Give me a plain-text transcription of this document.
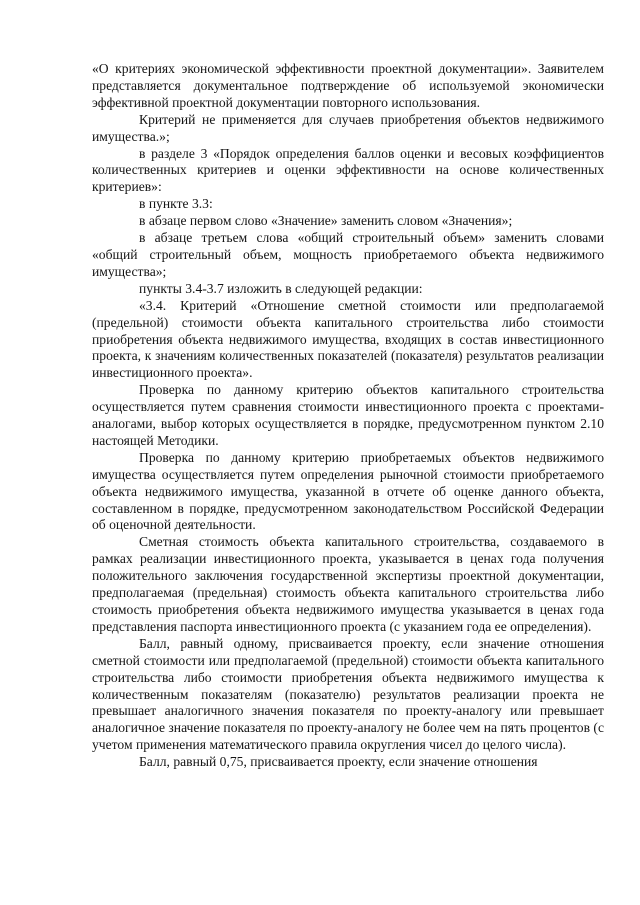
«О критериях экономической эффективности проектной документации». Заявителем представляется документальное подтверждение об используемой экономически эффективной проектной документации повторного использования.

Критерий не применяется для случаев приобретения объектов недвижимого имущества.»;

в разделе 3 «Порядок определения баллов оценки и весовых коэффициентов количественных критериев и оценки эффективности на основе количественных критериев»:

в пункте 3.3:

в абзаце первом слово «Значение» заменить словом «Значения»;

в абзаце третьем слова «общий строительный объем» заменить словами «общий строительный объем, мощность приобретаемого объекта недвижимого имущества»;

пункты 3.4-3.7 изложить в следующей редакции:

«3.4. Критерий «Отношение сметной стоимости или предполагаемой (предельной) стоимости объекта капитального строительства либо стоимости приобретения объекта недвижимого имущества, входящих в состав инвестиционного проекта, к значениям количественных показателей (показателя) результатов реализации инвестиционного проекта».

Проверка по данному критерию объектов капитального строительства осуществляется путем сравнения стоимости инвестиционного проекта с проектами-аналогами, выбор которых осуществляется в порядке, предусмотренном пунктом 2.10 настоящей Методики.

Проверка по данному критерию приобретаемых объектов недвижимого имущества осуществляется путем определения рыночной стоимости приобретаемого объекта недвижимого имущества, указанной в отчете об оценке данного объекта, составленном в порядке, предусмотренном законодательством Российской Федерации об оценочной деятельности.

Сметная стоимость объекта капитального строительства, создаваемого в рамках реализации инвестиционного проекта, указывается в ценах года получения положительного заключения государственной экспертизы проектной документации, предполагаемая (предельная) стоимость объекта капитального строительства либо стоимость приобретения объекта недвижимого имущества указывается в ценах года представления паспорта инвестиционного проекта (с указанием года ее определения).

Балл, равный одному, присваивается проекту, если значение отношения сметной стоимости или предполагаемой (предельной) стоимости объекта капитального строительства либо стоимости приобретения объекта недвижимого имущества к количественным показателям (показателю) результатов реализации проекта не превышает аналогичного значения показателя по проекту-аналогу или превышает аналогичное значение показателя по проекту-аналогу не более чем на пять процентов (с учетом применения математического правила округления чисел до целого числа).

Балл, равный 0,75, присваивается проекту, если значение отношения
